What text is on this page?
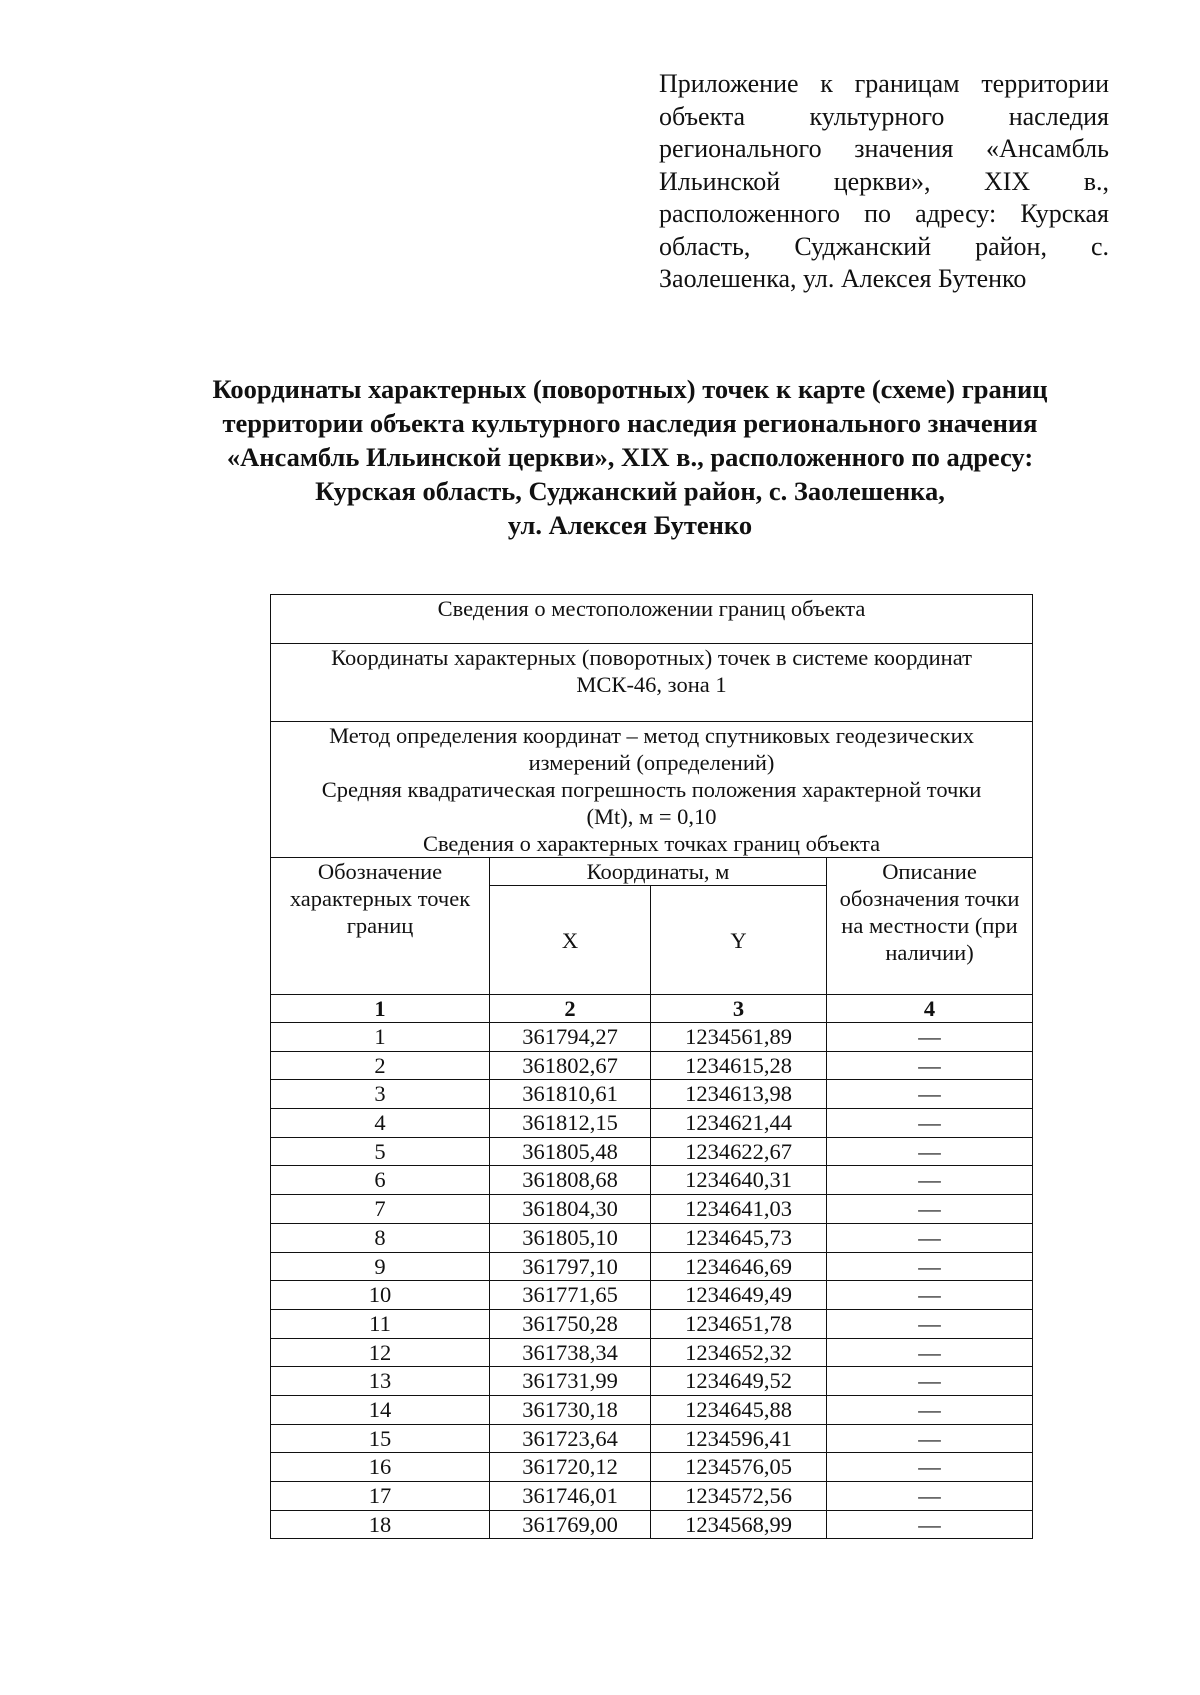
Приложение к границам территории объекта культурного наследия регионального значения «Ансамбль Ильинской церкви», XIX в., расположенного по адресу: Курская область, Суджанский район, с. Заолешенка, ул. Алексея Бутенко
Координаты характерных (поворотных) точек к карте (схеме) границ
территории объекта культурного наследия регионального значения
«Ансамбль Ильинской церкви», XIX в., расположенного по адресу:
Курская область, Суджанский район, с. Заолешенка,
ул. Алексея Бутенко
Сведения о местоположении границ объекта			

Координаты характерных (поворотных) точек в системе координат
МСК-46, зона 1			

Метод определения координат – метод спутниковых геодезических
измерений (определений)
Средняя квадратическая погрешность положения характерной точки
(Mt), м = 0,10
Сведения о характерных точках границ объекта			

Обозначение характерных точек границ	Координаты, м		Описание обозначения точки на местности (при наличии)
	X	Y	
1	2	3	4
1	361794,27	1234561,89	—
2	361802,67	1234615,28	—
3	361810,61	1234613,98	—
4	361812,15	1234621,44	—
5	361805,48	1234622,67	—
6	361808,68	1234640,31	—
7	361804,30	1234641,03	—
8	361805,10	1234645,73	—
9	361797,10	1234646,69	—
10	361771,65	1234649,49	—
11	361750,28	1234651,78	—
12	361738,34	1234652,32	—
13	361731,99	1234649,52	—
14	361730,18	1234645,88	—
15	361723,64	1234596,41	—
16	361720,12	1234576,05	—
17	361746,01	1234572,56	—
18	361769,00	1234568,99	—
